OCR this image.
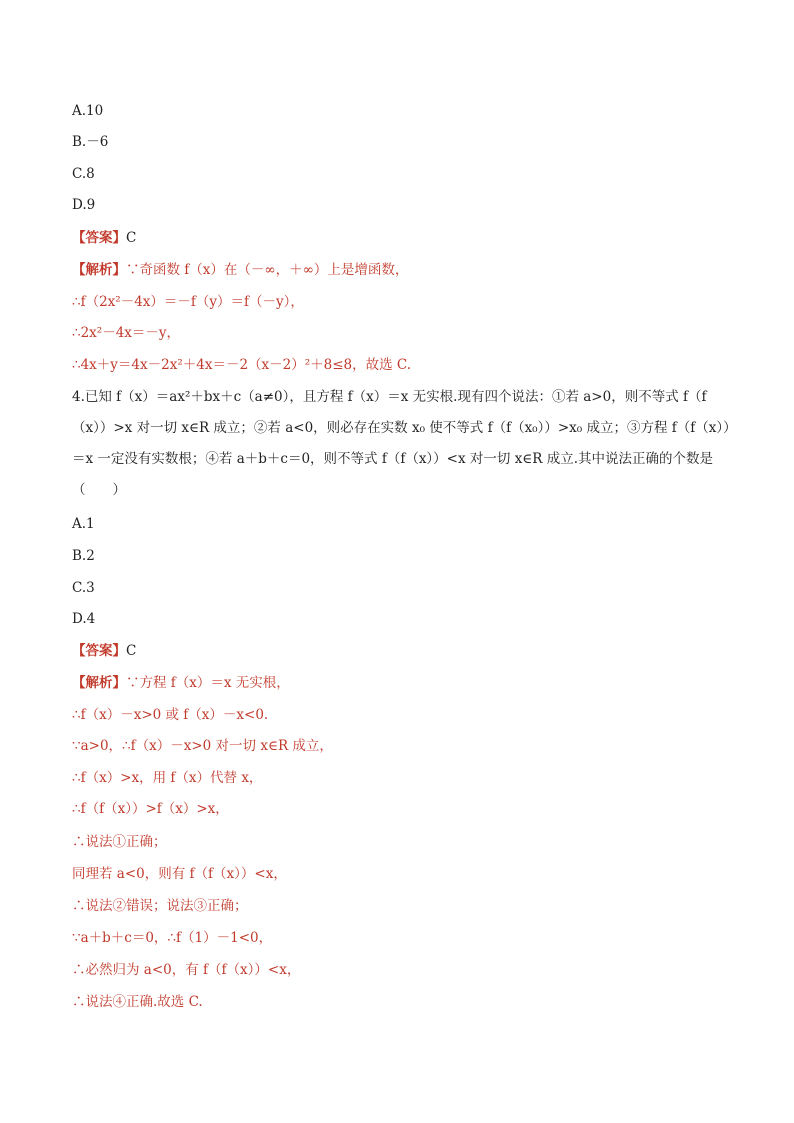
A.10
B.－6
C.8
D.9
【答案】C
【解析】∵奇函数 f（x）在（－∞，＋∞）上是增函数，
∴f（2x²－4x）＝－f（y）＝f（－y），
∴2x²－4x＝－y，
∴4x＋y＝4x－2x²＋4x＝－2（x－2）²＋8≤8，故选 C.
4.已知 f（x）＝ax²＋bx＋c（a≠0），且方程 f（x）＝x 无实根.现有四个说法：①若 a>0，则不等式 f（f（x））>x 对一切 x∈R 成立；②若 a<0，则必存在实数 x₀ 使不等式 f（f（x₀））>x₀ 成立；③方程 f（f（x））＝x 一定没有实数根；④若 a＋b＋c＝0，则不等式 f（f（x））<x 对一切 x∈R 成立.其中说法正确的个数是（　　）
A.1
B.2
C.3
D.4
【答案】C
【解析】∵方程 f（x）＝x 无实根，
∴f（x）－x>0 或 f（x）－x<0.
∵a>0，∴f（x）－x>0 对一切 x∈R 成立，
∴f（x）>x，用 f（x）代替 x，
∴f（f（x））>f（x）>x，
∴说法①正确；
同理若 a<0，则有 f（f（x））<x，
∴说法②错误；说法③正确；
∵a＋b＋c＝0，∴f（1）－1<0，
∴必然归为 a<0，有 f（f（x））<x，
∴说法④正确.故选 C.
